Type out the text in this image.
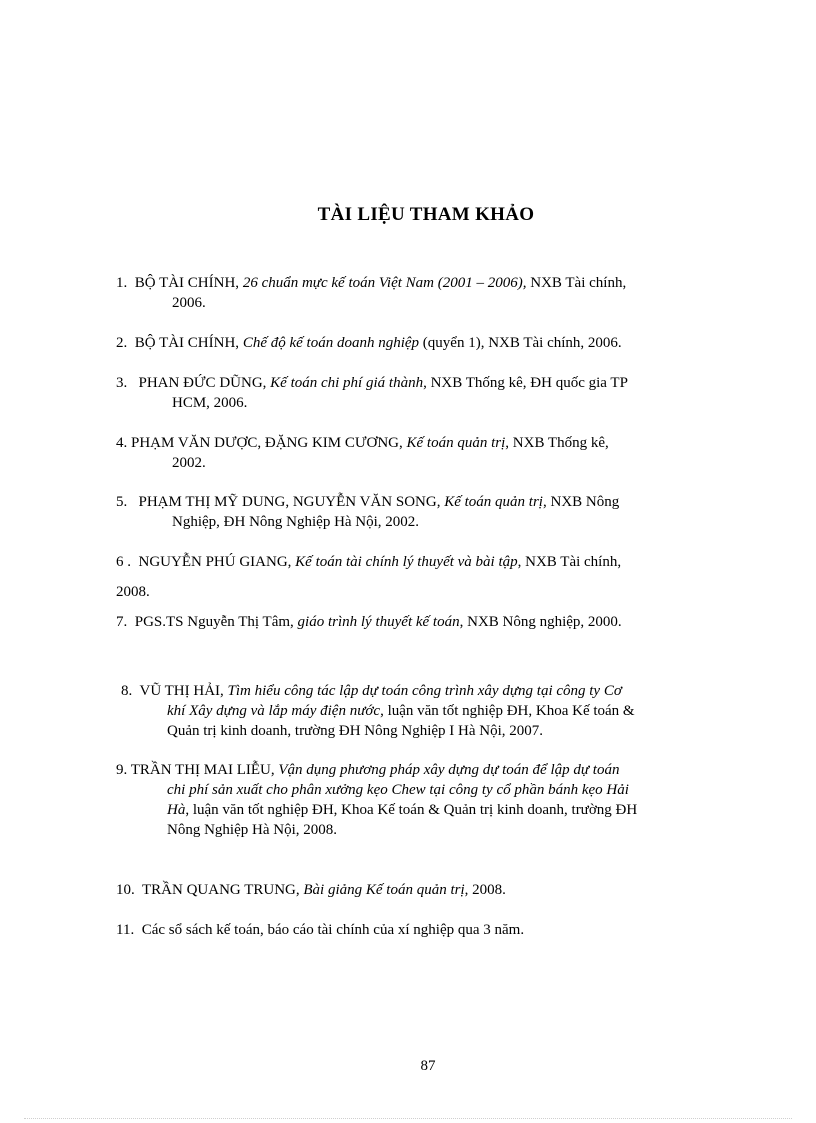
TÀI LIỆU THAM KHẢO
1. BỘ TÀI CHÍNH, 26 chuẩn mực kế toán Việt Nam (2001 – 2006), NXB Tài chính,
2006.
2. BỘ TÀI CHÍNH, Chế độ kế toán doanh nghiệp (quyển 1), NXB Tài chính, 2006.
3. PHAN ĐỨC DŨNG, Kế toán chi phí giá thành, NXB Thống kê, ĐH quốc gia TP
HCM, 2006.
4. PHẠM VĂN DƯỢC, ĐẶNG KIM CƯƠNG, Kế toán quản trị, NXB Thống kê,
2002.
5. PHẠM THỊ MỸ DUNG, NGUYỄN VĂN SONG, Kế toán quản trị, NXB Nông
Nghiệp, ĐH Nông Nghiệp Hà Nội, 2002.
6 . NGUYỄN PHÚ GIANG, Kế toán tài chính lý thuyết và bài tập, NXB Tài chính,
2008.
7. PGS.TS Nguyễn Thị Tâm, giáo trình lý thuyết kế toán, NXB Nông nghiệp, 2000.
8. VŨ THỊ HẢI, Tìm hiểu công tác lập dự toán công trình xây dựng tại công ty Cơ
khí Xây dựng và lắp máy điện nước, luận văn tốt nghiệp ĐH, Khoa Kế toán &
Quản trị kinh doanh, trường ĐH Nông Nghiệp I Hà Nội, 2007.
9. TRẦN THỊ MAI LIỄU, Vận dụng phương pháp xây dựng dự toán để lập dự toán
chi phí sản xuất cho phân xưởng kẹo Chew tại công ty cổ phần bánh kẹo Hải
Hà, luận văn tốt nghiệp ĐH, Khoa Kế toán & Quản trị kinh doanh, trường ĐH
Nông Nghiệp Hà Nội, 2008.
10. TRẦN QUANG TRUNG, Bài giảng Kế toán quản trị, 2008.
11. Các sổ sách kế toán, báo cáo tài chính của xí nghiệp qua 3 năm.
87
